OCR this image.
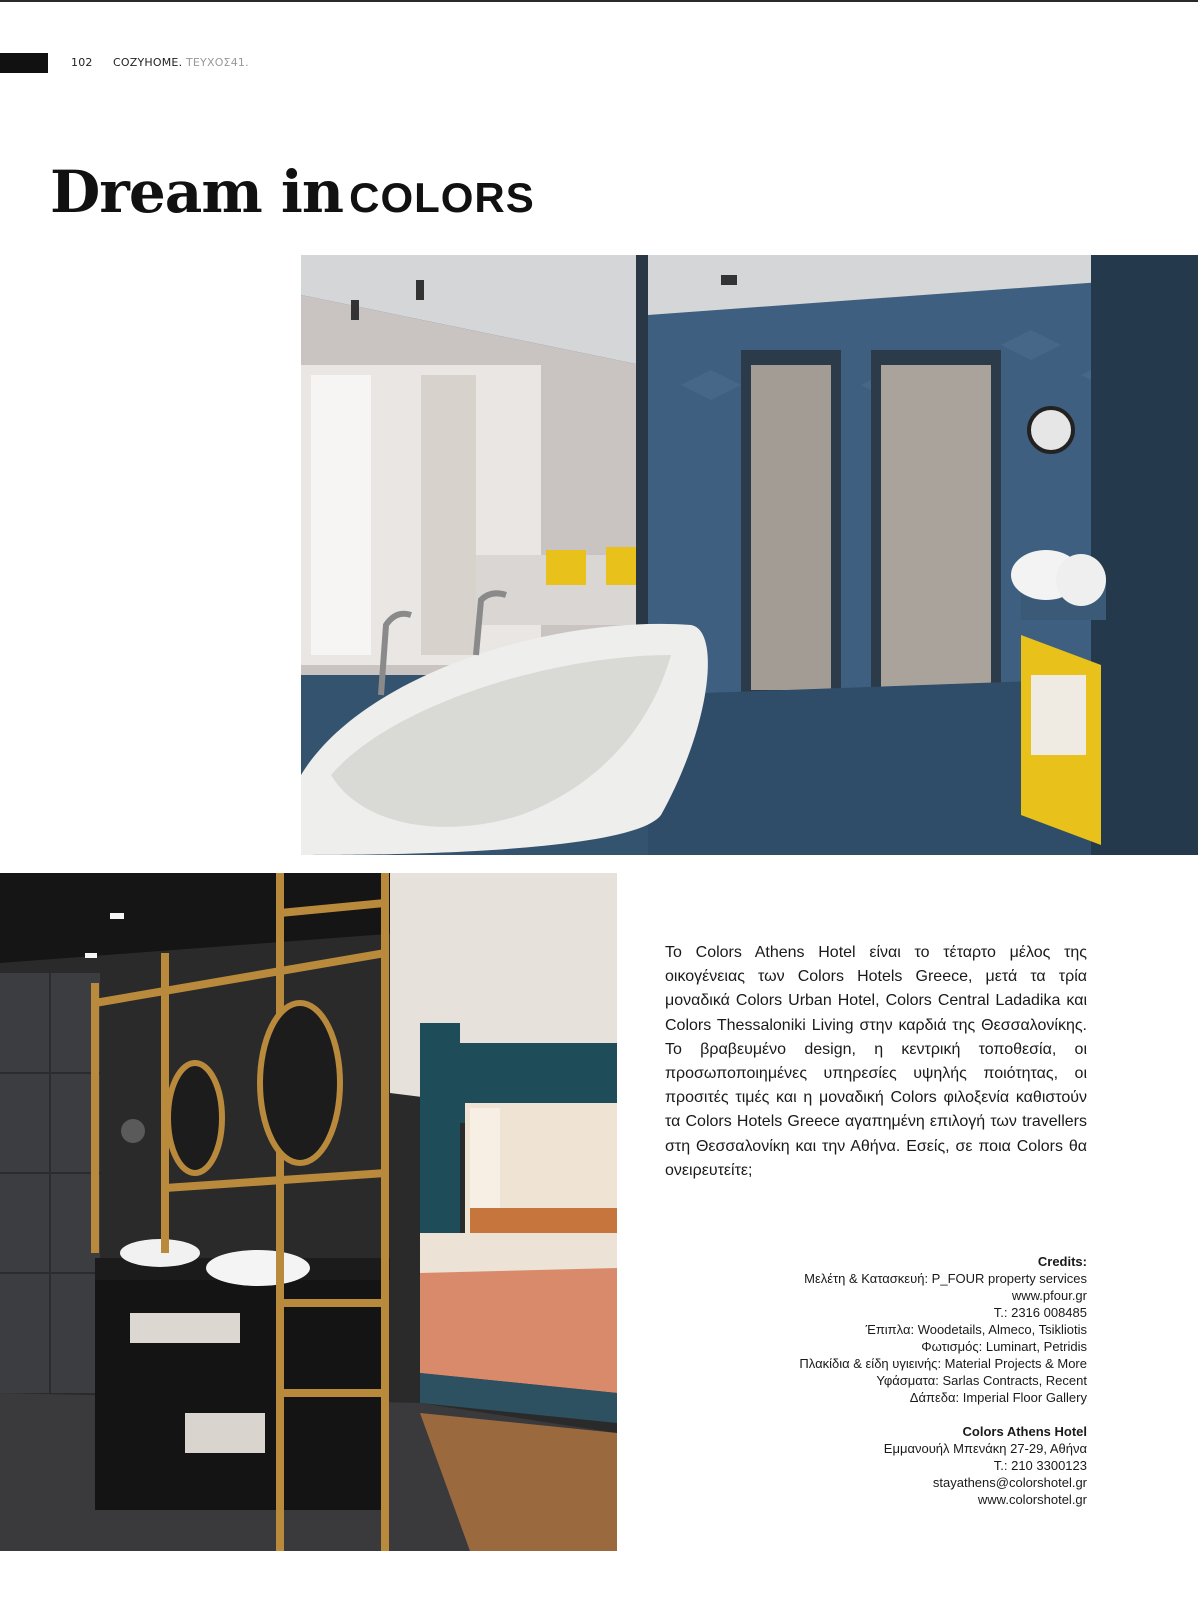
102 COZYHOME. ΤΕΥΧΟΣ41.
Dream in COLORS
Το Colors Athens Hotel είναι το τέταρτο μέλος της οικογένειας των Colors Hotels Greece, μετά τα τρία μοναδικά Colors Urban Hotel, Colors Central Ladadika και Colors Thessaloniki Living στην καρδιά της Θεσσαλονίκης. Το βραβευμένο design, η κεντρική τοποθεσία, οι προσωποποιημένες υπηρεσίες υψηλής ποιότητας, οι προσιτές τιμές και η μοναδική Colors φιλοξενία καθιστούν τα Colors Hotels Greece αγαπημένη επιλογή των travellers στη Θεσσαλονίκη και την Αθήνα. Εσείς, σε ποια Colors θα ονειρευτείτε;
Credits:
Μελέτη & Κατασκευή: P_FOUR property services
www.pfour.gr
Τ.: 2316 008485
Έπιπλα: Woodetails, Almeco, Tsikliotis
Φωτισμός: Luminart, Petridis
Πλακίδια & είδη υγιεινής: Material Projects & More
Υφάσματα: Sarlas Contracts, Recent
Δάπεδα: Imperial Floor Gallery
Colors Athens Hotel
Εμμανουήλ Μπενάκη 27-29, Αθήνα
Τ.: 210 3300123
stayathens@colorshotel.gr
www.colorshotel.gr
